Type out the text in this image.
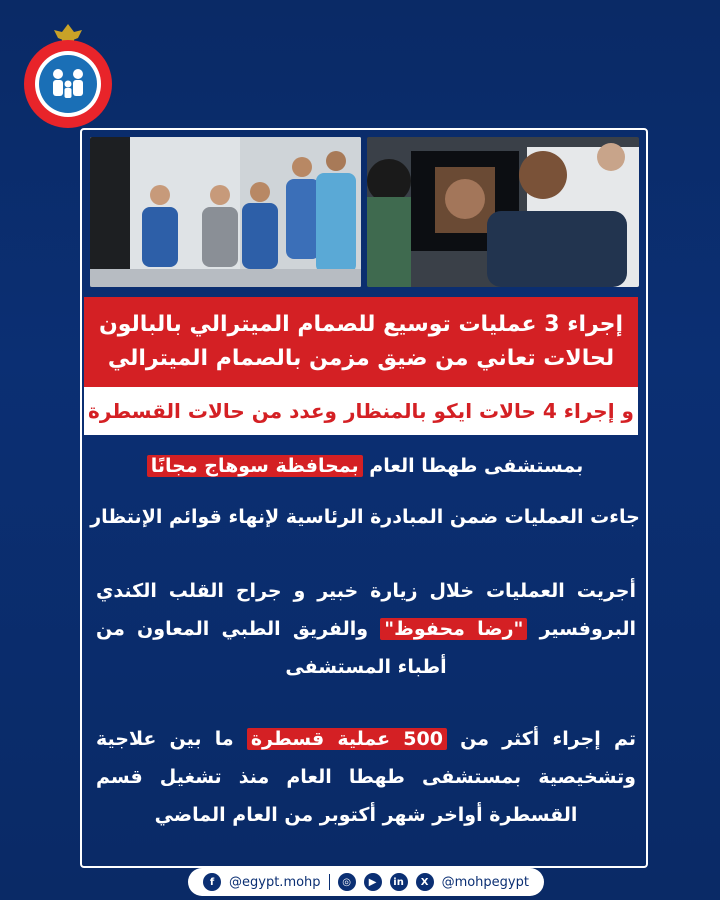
إجراء 3 عمليات توسيع للصمام الميترالي بالبالون
لحالات تعاني من ضيق مزمن بالصمام الميترالي
و إجراء 4 حالات ايكو بالمنظار وعدد من حالات القسطرة
بمستشفى طهطا العام بمحافظة سوهاج مجانًا
جاءت العمليات ضمن المبادرة الرئاسية لإنهاء قوائم الإنتظار
أجريت العمليات خلال زيارة خبير و جراح القلب الكندي البروفسير "رضا محفوظ" والفريق الطبي المعاون من أطباء المستشفى
تم إجراء أكثر من 500 عملية قسطرة ما بين علاجية وتشخيصية بمستشفى طهطا العام منذ تشغيل قسم القسطرة أواخر شهر أكتوبر من العام الماضي
f	@egypt.mohp	◎	▶	in	X	@mohpegypt
